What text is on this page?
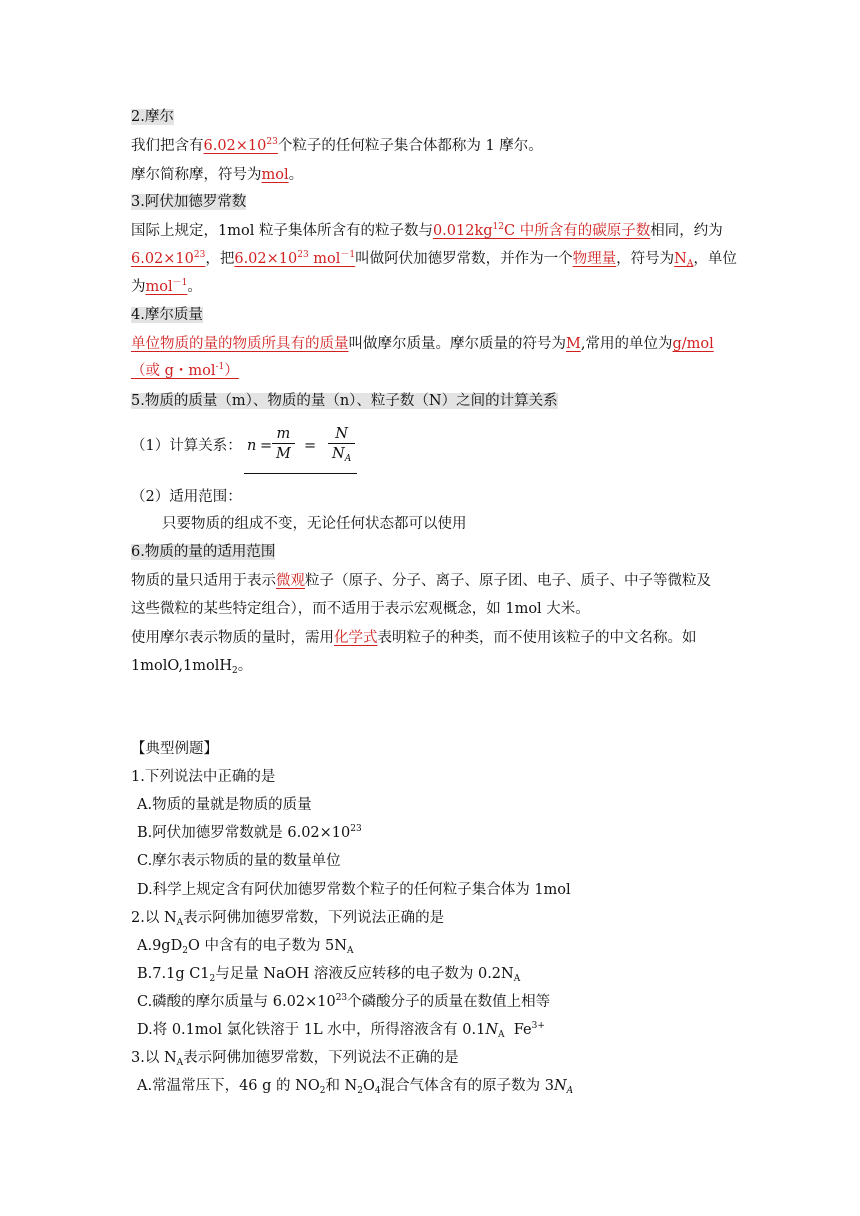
2.摩尔
我们把含有$6.02\times 10^{23}$个粒子的任何粒子集合体都称为 1 摩尔。
摩尔简称摩，符号为mol。
3.阿伏加德罗常数
国际上规定，1mol 粒子集体所含有的粒子数与$0.012kg^{12}C$ 中所含有的碳原子数相同，约为
$6.02\times 10^{23}$，把$6.02\times 10^{23}$ mol$^{-1}$叫做阿伏加德罗常数，并作为一个物理量，符号为$N_A$，单位
为mol$^{-1}$。
4.摩尔质量
单位物质的量的物质所具有的质量叫做摩尔质量。摩尔质量的符号为M,常用的单位为g/mol
（或 g・mol$^{-1}$）
5.物质的质量（m）、物质的量（n）、粒子数（N）之间的计算关系
（1）计算关系： $n = \frac{m}{M} = \frac{N}{N_A}$
（2）适用范围：
只要物质的组成不变，无论任何状态都可以使用
6.物质的量的适用范围
物质的量只适用于表示微观粒子（原子、分子、离子、原子团、电子、质子、中子等微粒及
这些微粒的某些特定组合），而不适用于表示宏观概念，如 1mol 大米。
使用摩尔表示物质的量时，需用化学式表明粒子的种类，而不使用该粒子的中文名称。如
1molO,1molH$_2$。
【典型例题】
1.下列说法中正确的是
A.物质的量就是物质的质量
B.阿伏加德罗常数就是 $6.02\times 10^{23}$
C.摩尔表示物质的量的数量单位
D.科学上规定含有阿伏加德罗常数个粒子的任何粒子集合体为 1mol
2.以 $N_A$表示阿佛加德罗常数，下列说法正确的是
$A.9gD_2O$ 中含有的电子数为 $5N_A$
B.7.1g $C1_2$与足量 NaOH 溶液反应转移的电子数为 $0.2N_A$
C.磷酸的摩尔质量与 $6.02\times 10^{23}$个磷酸分子的质量在数值上相等
D.将 0.1mol 氯化铁溶于 1L 水中，所得溶液含有 $0.1N_A$  $Fe^{3+}$
3.以 $N_A$表示阿佛加德罗常数，下列说法不正确的是
A.常温常压下，46 g 的 $NO_2$和 $N_2O_4$混合气体含有的原子数为 $3N_A$
